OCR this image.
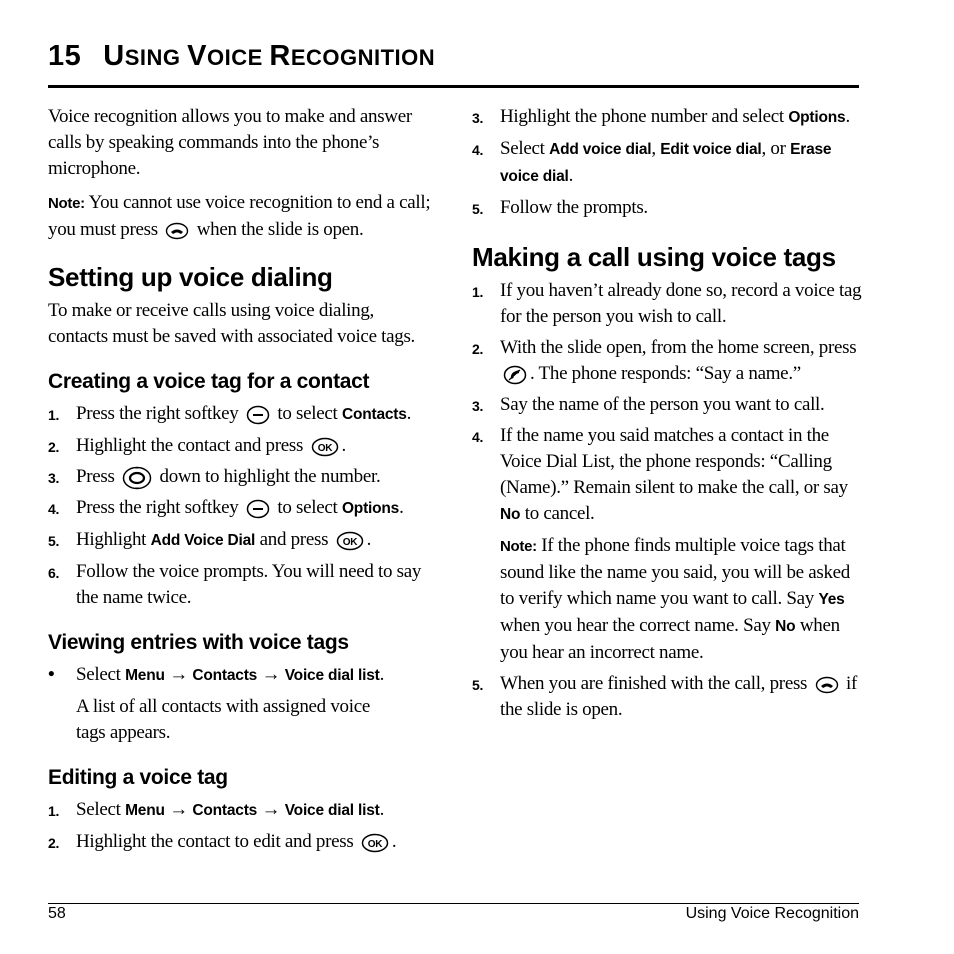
15 USING VOICE RECOGNITION

Voice recognition allows you to make and answer calls by speaking commands into the phone’s microphone.

Note: You cannot use voice recognition to end a call; you must press when the slide is open.

Setting up voice dialing

To make or receive calls using voice dialing, contacts must be saved with associated voice tags.

Creating a voice tag for a contact
1. Press the right softkey to select Contacts.
2. Highlight the contact and press OK .
3. Press down to highlight the number.
4. Press the right softkey to select Options.
5. Highlight Add Voice Dial and press OK .
6. Follow the voice prompts. You will need to say the name twice.
Viewing entries with voice tags
• Select Menu → Contacts → Voice dial list.

A list of all contacts with assigned voice tags appears.

Editing a voice tag
1. Select Menu → Contacts → Voice dial list.
2. Highlight the contact to edit and press OK .
3. Highlight the phone number and select Options.
4. Select Add voice dial, Edit voice dial, or Erase voice dial.
5. Follow the prompts.
Making a call using voice tags
1. If you haven’t already done so, record a voice tag for the person you wish to call.
2. With the slide open, from the home screen, press
. The phone responds: “Say a name.”
3. Say the name of the person you want to call.
4. If the name you said matches a contact in the Voice Dial List, the phone responds: “Calling (Name).” Remain silent to make the call, or say No to cancel.

Note: If the phone finds multiple voice tags that sound like the name you said, you will be asked to verify which name you want to call. Say Yes when you hear the correct name. Say No when you hear an incorrect name.

5. When you are finished with the call, press if the slide is open.
58	Using Voice Recognition
